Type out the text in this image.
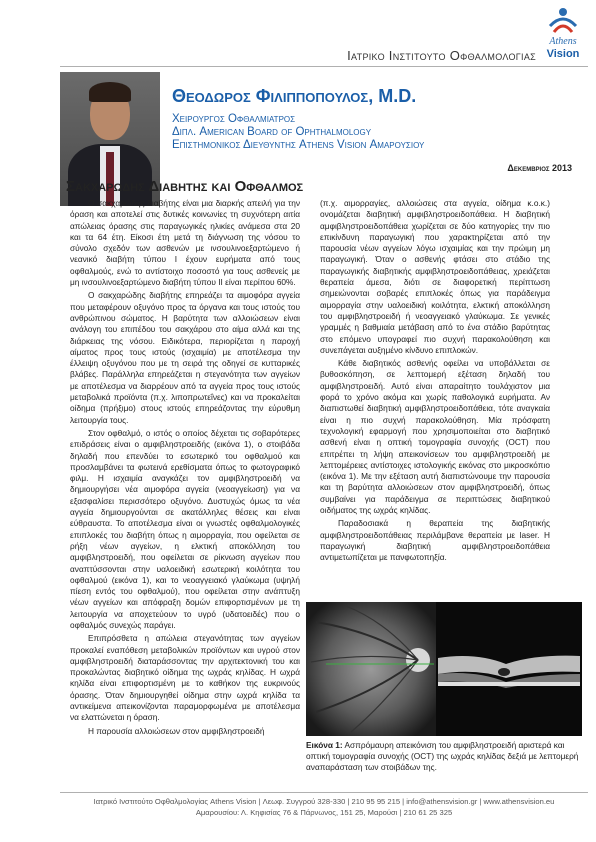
Athens
Vision
Ιατρικο Ινστιτουτο Οφθαλμολογιας
Θεοδωρος Φιλιπποπουλος, M.D.
Χειρουργος Οφθαλμιατρος
Διπλ. American Board of Ophthalmology
Επιστημονικος Διευθυντης Athens Vision Αμαρουσιου
Δεκεμβριος 2013
Σακχαρωδης Διαβητης και Οφθαλμος

Ο σακχαρώδης διαβήτης είναι μια διαρκής απειλή για την όραση και αποτελεί στις δυτικές κοινωνίες τη συχνότερη αιτία απώλειας όρασης στις παραγωγικές ηλικίες ανάμεσα στα 20 και τα 64 έτη. Είκοσι έτη μετά τη διάγνωση της νόσου το σύνολο σχεδόν των ασθενών με ινσουλινοεξαρτώμενο ή νεανικό διαβήτη τύπου Ι έχουν ευρήματα από τους οφθαλμούς, ενώ το αντίστοιχο ποσοστό για τους ασθενείς με μη ινσουλινοεξαρτώμενο διαβήτη τύπου ΙΙ είναι περίπου 60%.

Ο σακχαρώδης διαβήτης επηρεάζει τα αιμοφόρα αγγεία που μεταφέρουν οξυγόνο προς τα όργανα και τους ιστούς του ανθρώπινου σώματος. Η βαρύτητα των αλλοιώσεων είναι ανάλογη του επιπέδου του σακχάρου στο αίμα αλλά και της διάρκειας της νόσου. Ειδικότερα, περιορίζεται η παροχή αίματος προς τους ιστούς (ισχαιμία) με αποτέλεσμα την έλλειψη οξυγόνου που με τη σειρά της οδηγεί σε κυτταρικές βλάβες. Παράλληλα επηρεάζεται η στεγανότητα των αγγείων με αποτέλεσμα να διαρρέουν από τα αγγεία προς τους ιστούς μεταβολικά προϊόντα (π.χ. λιποπρωτεΐνες) και να προκαλείται οίδημα (πρήξιμο) στους ιστούς επηρεάζοντας την εύρυθμη λειτουργία τους.

Στον οφθαλμό, ο ιστός ο οποίος δέχεται τις σοβαρότερες επιδράσεις είναι ο αμφιβληστροειδής (εικόνα 1), ο στοιβάδα δηλαδή που επενδύει το εσωτερικό του οφθαλμού και προσλαμβάνει τα φωτεινά ερεθίσματα όπως το φωτογραφικό φιλμ. Η ισχαιμία αναγκάζει τον αμφιβληστροειδή να δημιουργήσει νέα αιμοφόρα αγγεία (νεοαγγείωση) για να εξασφαλίσει περισσότερο οξυγόνο. Δυστυχώς όμως τα νέα αγγεία δημιουργούνται σε ακατάλληλες θέσεις και είναι εύθραυστα. Το αποτέλεσμα είναι οι γνωστές οφθαλμολογικές επιπλοκές του διαβήτη όπως η αιμορραγία, που οφείλεται σε ρήξη νέων αγγείων, η ελκτική αποκόλληση του αμφιβληστροειδή, που οφείλεται σε ρίκνωση αγγείων που αναπτύσσονται στην υαλοειδική εσωτερική κοιλότητα του οφθαλμού (εικόνα 1), και το νεοαγγειακό γλαύκωμα (υψηλή πίεση εντός του οφθαλμού), που οφείλεται στην ανάπτυξη νέων αγγείων και απόφραξη δομών επιφορτισμένων με τη λειτουργία να αποχετεύουν το υγρό (υδατοειδές) που ο οφθαλμός συνεχώς παράγει.

Επιπρόσθετα η απώλεια στεγανότητας των αγγείων προκαλεί εναπόθεση μεταβολικών προϊόντων και υγρού στον αμφιβληστροειδή διαταράσσοντας την αρχιτεκτονική του και προκαλώντας διαβητικό οίδημα της ωχράς κηλίδας. Η ωχρά κηλίδα είναι επιφορτισμένη με το καθήκον της ευκρινούς όρασης. Όταν δημιουργηθεί οίδημα στην ωχρά κηλίδα τα αντικείμενα απεικονίζονται παραμορφωμένα με αποτέλεσμα να ελαττώνεται η όραση.

Η παρουσία αλλοιώσεων στον αμφιβληστροειδή

(π.χ. αιμορραγίες, αλλοιώσεις στα αγγεία, οίδημα κ.ο.κ.) ονομάζεται διαβητική αμφιβληστροειδοπάθεια. Η διαβητική αμφιβληστροειδοπάθεια χωρίζεται σε δύο κατηγορίες την πιο επικίνδυνη παραγωγική που χαρακτηρίζεται από την παρουσία νέων αγγείων λόγω ισχαιμίας και την πρώιμη μη παραγωγική. Όταν ο ασθενής φτάσει στο στάδιο της παραγωγικής διαβητικής αμφιβληστροειδοπάθειας, χρειάζεται θεραπεία άμεσα, διότι σε διαφορετική περίπτωση σημειώνονται σοβαρές επιπλοκές όπως για παράδειγμα αιμορραγία στην υαλοειδική κοιλότητα, ελκτική αποκόλληση του αμφιβληστροειδή ή νεοαγγειακό γλαύκωμα. Σε γενικές γραμμές η βαθμιαία μετάβαση από το ένα στάδιο βαρύτητας στο επόμενο υπογραφεί πιο συχνή παρακολούθηση και συνεπάγεται αυξημένο κίνδυνο επιπλοκών.

Κάθε διαβητικός ασθενής οφείλει να υποβάλλεται σε βυθοσκόπηση, σε λεπτομερή εξέταση δηλαδή του αμφιβληστροειδή. Αυτό είναι απαραίτητο τουλάχιστον μια φορά το χρόνο ακόμα και χωρίς παθολογικά ευρήματα. Αν διαπιστωθεί διαβητική αμφιβληστροειδοπάθεια, τότε αναγκαία είναι η πιο συχνή παρακολούθηση. Μία πρόσφατη τεχνολογική εφαρμογή που χρησιμοποιείται στο διαβητικό ασθενή είναι η οπτική τομογραφία συνοχής (OCT) που επιτρέπει τη λήψη απεικονίσεων του αμφιβληστροειδή με λεπτομέρειες αντίστοιχες ιστολογικής εικόνας στο μικροσκόπιο (εικόνα 1). Με την εξέταση αυτή διαπιστώνουμε την παρουσία και τη βαρύτητα αλλοιώσεων στον αμφιβληστροειδή, όπως συμβαίνει για παράδειγμα σε περιπτώσεις διαβητικού οιδήματος της ωχράς κηλίδας.

Παραδοσιακά η θεραπεία της διαβητικής αμφιβληστροειδοπάθειας περιλάμβανε θεραπεία με laser. Η παραγωγική διαβητική αμφιβληστροειδοπάθεια αντιμετωπίζεται με πανφωτοπηξία.

Εικόνα 1: Ασπρόμαυρη απεικόνιση του αμφιβληστροειδή αριστερά και οπτική τομογραφία συνοχής (OCT) της ωχράς κηλίδας δεξιά με λεπτομερή αναπαράσταση των στοιβάδων της.
Ιατρικό Ινστιτούτο Οφθαλμολογίας Athens Vision | Λεωφ. Συγγρού 328-330 | 210 95 95 215 | info@athensvision.gr | www.athensvision.eu
Αμαρουσίου: Λ. Κηφισίας 76 & Πάρνωνος, 151 25, Μαρούσι | 210 61 25 325
